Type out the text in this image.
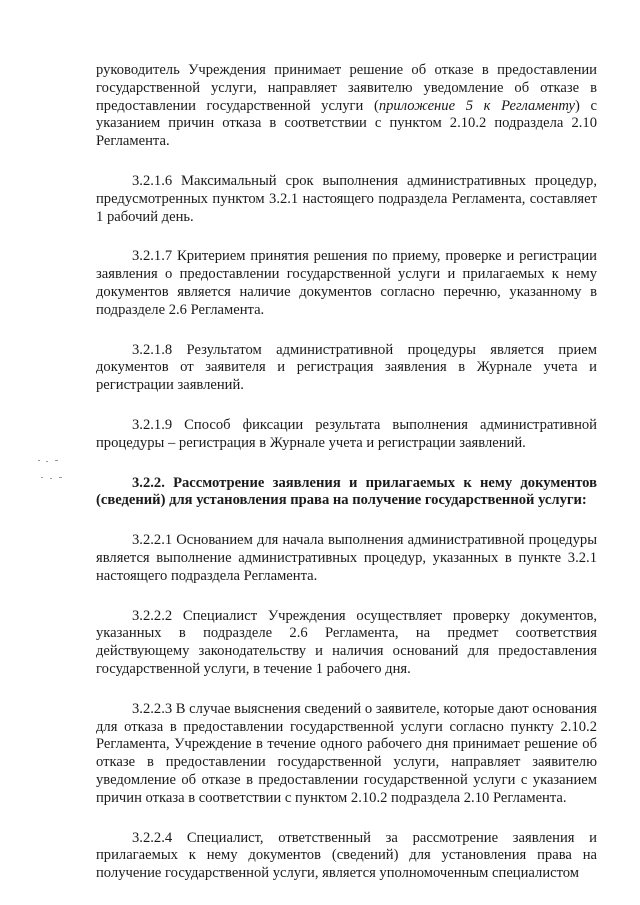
руководитель Учреждения принимает решение об отказе в предоставлении государственной услуги, направляет заявителю уведомление об отказе в предоставлении государственной услуги (приложение 5 к Регламенту) с указанием причин отказа в соответствии с пунктом 2.10.2 подраздела 2.10 Регламента.

3.2.1.6 Максимальный срок выполнения административных процедур, предусмотренных пунктом 3.2.1 настоящего подраздела Регламента, составляет 1 рабочий день.

3.2.1.7 Критерием принятия решения по приему, проверке и регистрации заявления о предоставлении государственной услуги и прилагаемых к нему документов является наличие документов согласно перечню, указанному в подразделе 2.6 Регламента.

3.2.1.8 Результатом административной процедуры является прием документов от заявителя и регистрация заявления в Журнале учета и регистрации заявлений.

3.2.1.9 Способ фиксации результата выполнения административной процедуры – регистрация в Журнале учета и регистрации заявлений.

3.2.2. Рассмотрение заявления и прилагаемых к нему документов (сведений) для установления права на получение государственной услуги:

3.2.2.1 Основанием для начала выполнения административной процедуры является выполнение административных процедур, указанных в пункте 3.2.1 настоящего подраздела Регламента.

3.2.2.2 Специалист Учреждения осуществляет проверку документов, указанных в подразделе 2.6 Регламента, на предмет соответствия действующему законодательству и наличия оснований для предоставления государственной услуги, в течение 1 рабочего дня.

3.2.2.3 В случае выяснения сведений о заявителе, которые дают основания для отказа в предоставлении государственной услуги согласно пункту 2.10.2 Регламента, Учреждение в течение одного рабочего дня принимает решение об отказе в предоставлении государственной услуги, направляет заявителю уведомление об отказе в предоставлении государственной услуги с указанием причин отказа в соответствии с пунктом 2.10.2 подраздела 2.10 Регламента.

3.2.2.4 Специалист, ответственный за рассмотрение заявления и прилагаемых к нему документов (сведений) для установления права на получение государственной услуги, является уполномоченным специалистом
